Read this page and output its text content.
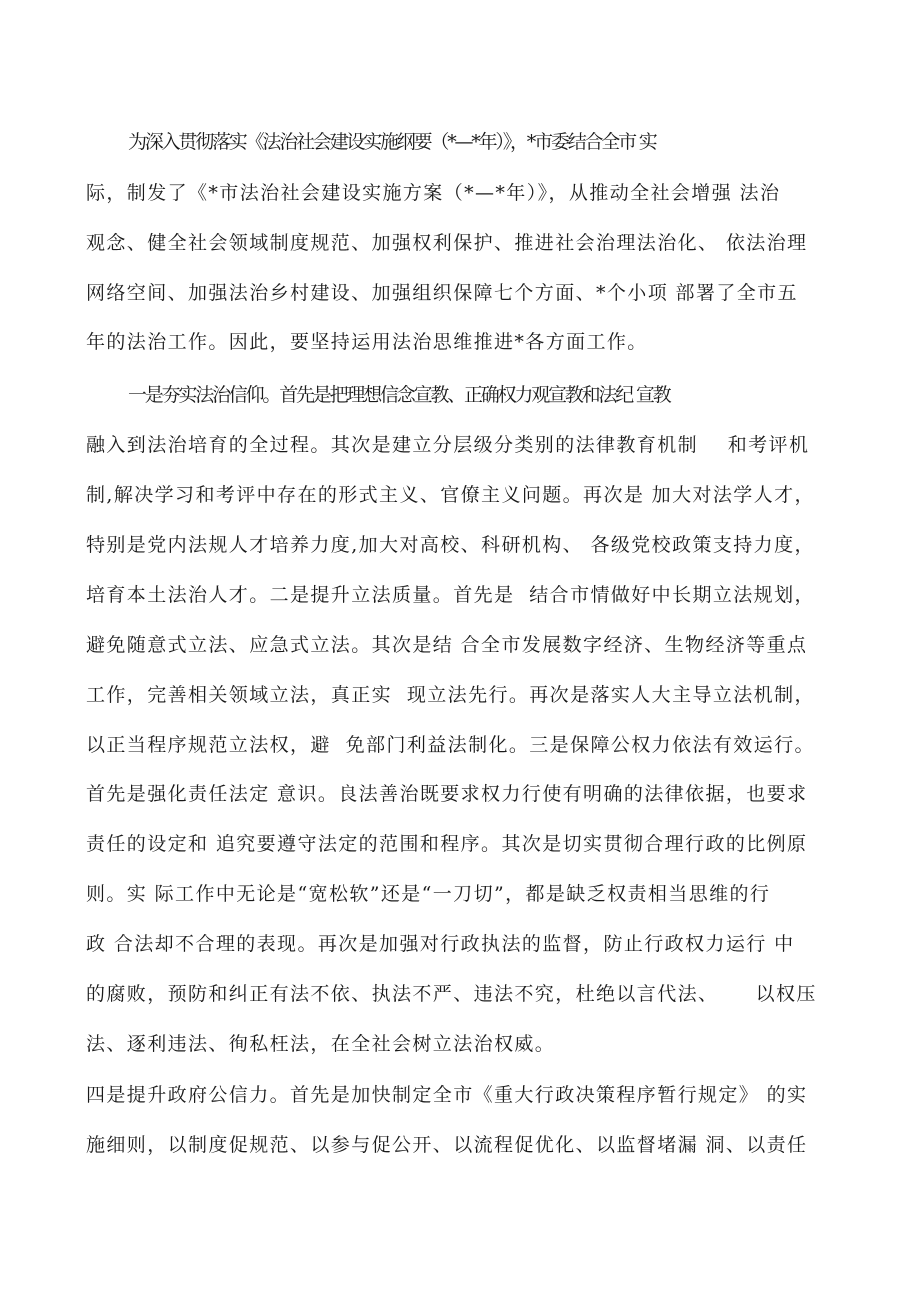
为深入贯彻落实《法治社会建设实施纲要（*—*年）》，*市委结合全市 实
际，制发了《*市法治社会建设实施方案（*—*年）》，从推动全社会增强 法治
观念、健全社会领域制度规范、加强权利保护、推进社会治理法治化、 依法治理
网络空间、加强法治乡村建设、加强组织保障七个方面、*个小项 部署了全市五
年的法治工作。因此，要坚持运用法治思维推进*各方面工作。
一是夯实法治信仰。首先是把理想信念宣教、正确权力观宣教和法纪 宣教
融入到法治培育的全过程。其次是建立分层级分类别的法律教育机制    和考评机
制,解决学习和考评中存在的形式主义、官僚主义问题。再次是 加大对法学人才，
特别是党内法规人才培养力度,加大对高校、科研机构、 各级党校政策支持力度，
培育本土法治人才。二是提升立法质量。首先是  结合市情做好中长期立法规划，
避免随意式立法、应急式立法。其次是结 合全市发展数字经济、生物经济等重点
工作，完善相关领域立法，真正实  现立法先行。再次是落实人大主导立法机制，
以正当程序规范立法权，避  免部门利益法制化。三是保障公权力依法有效运行。
首先是强化责任法定 意识。良法善治既要求权力行使有明确的法律依据，也要求
责任的设定和 追究要遵守法定的范围和程序。其次是切实贯彻合理行政的比例原
则。实 际工作中无论是“宽松软”还是“一刀切”，都是缺乏权责相当思维的行
政 合法却不合理的表现。再次是加强对行政执法的监督，防止行政权力运行 中
的腐败，预防和纠正有法不依、执法不严、违法不究，杜绝以言代法、     以权压
法、逐利违法、徇私枉法，在全社会树立法治权威。
四是提升政府公信力。首先是加快制定全市《重大行政决策程序暂行规定》 的实
施细则，以制度促规范、以参与促公开、以流程促优化、以监督堵漏 洞、以责任
